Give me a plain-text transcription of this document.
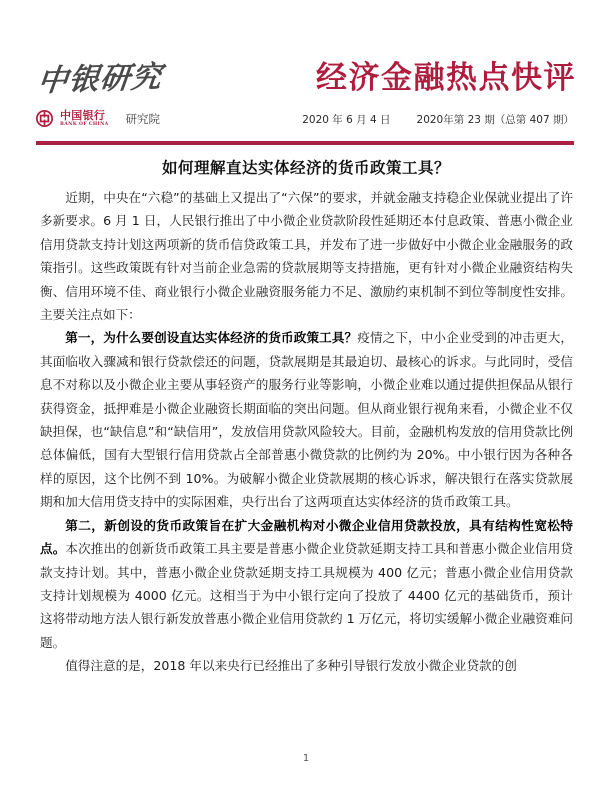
中银研究	经济金融热点快评
中国银行
BANK OF CHINA 研究院	2020 年 6 月 4 日 2020年第 23 期（总第 407 期）
如何理解直达实体经济的货币政策工具？

近期，中央在“六稳”的基础上又提出了“六保”的要求，并就金融支持稳企业保就业提出了许多新要求。6 月 1 日，人民银行推出了中小微企业贷款阶段性延期还本付息政策、普惠小微企业信用贷款支持计划这两项新的货币信贷政策工具，并发布了进一步做好中小微企业金融服务的政策指引。这些政策既有针对当前企业急需的贷款展期等支持措施，更有针对小微企业融资结构失衡、信用环境不佳、商业银行小微企业融资服务能力不足、激励约束机制不到位等制度性安排。主要关注点如下：

第一，为什么要创设直达实体经济的货币政策工具？疫情之下，中小企业受到的冲击更大，其面临收入骤减和银行贷款偿还的问题，贷款展期是其最迫切、最核心的诉求。与此同时，受信息不对称以及小微企业主要从事轻资产的服务行业等影响，小微企业难以通过提供担保品从银行获得资金，抵押难是小微企业融资长期面临的突出问题。但从商业银行视角来看，小微企业不仅缺担保，也“缺信息”和“缺信用”，发放信用贷款风险较大。目前，金融机构发放的信用贷款比例总体偏低，国有大型银行信用贷款占全部普惠小微贷款的比例约为 20%。中小银行因为各种各样的原因，这个比例不到 10%。为破解小微企业贷款展期的核心诉求，解决银行在落实贷款展期和加大信用贷支持中的实际困难，央行出台了这两项直达实体经济的货币政策工具。

第二，新创设的货币政策旨在扩大金融机构对小微企业信用贷款投放，具有结构性宽松特点。本次推出的创新货币政策工具主要是普惠小微企业贷款延期支持工具和普惠小微企业信用贷款支持计划。其中，普惠小微企业贷款延期支持工具规模为 400 亿元；普惠小微企业信用贷款支持计划规模为 4000 亿元。这相当于为中小银行定向了投放了 4400 亿元的基础货币，预计这将带动地方法人银行新发放普惠小微企业信用贷款约 1 万亿元，将切实缓解小微企业融资难问题。

值得注意的是，2018 年以来央行已经推出了多种引导银行发放小微企业贷款的创

1
